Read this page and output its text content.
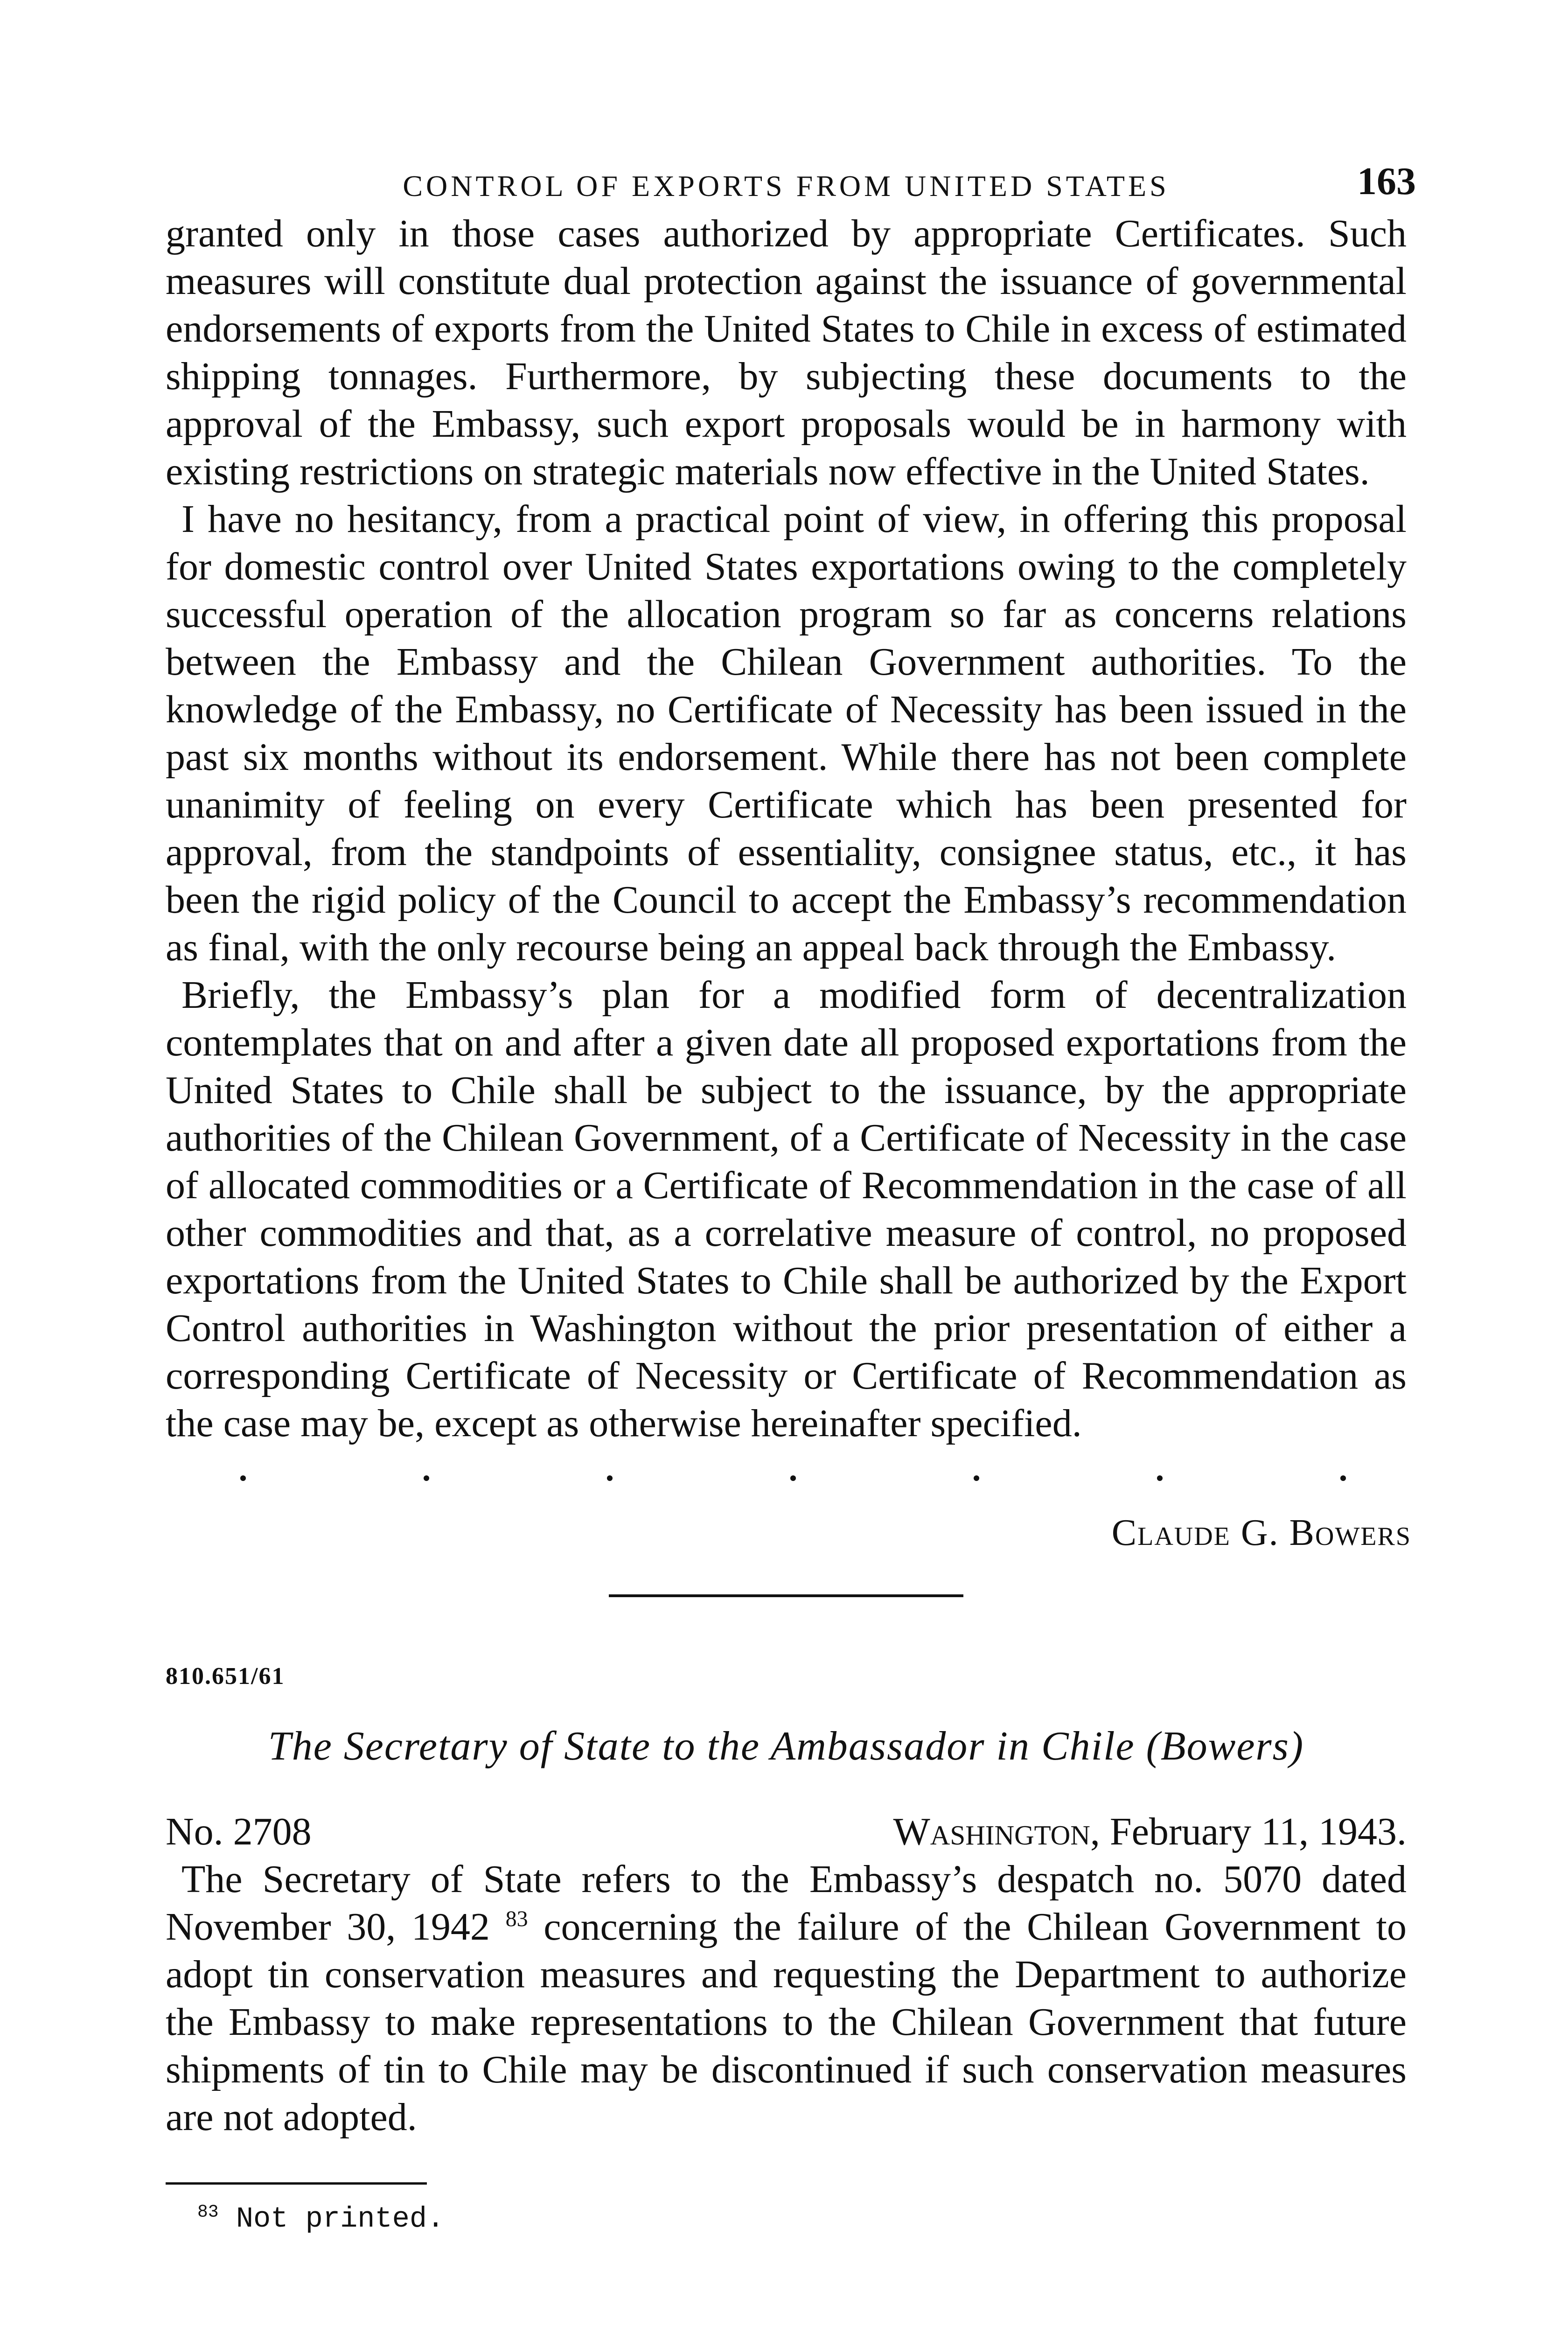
CONTROL OF EXPORTS FROM UNITED STATES	163

granted only in those cases authorized by appropriate Certificates. Such measures will constitute dual protection against the issuance of governmental endorsements of exports from the United States to Chile in excess of estimated shipping tonnages. Furthermore, by subjecting these documents to the approval of the Embassy, such export proposals would be in harmony with existing restrictions on strategic materials now effective in the United States.

I have no hesitancy, from a practical point of view, in offering this proposal for domestic control over United States exportations owing to the completely successful operation of the allocation program so far as concerns relations between the Embassy and the Chilean Government authorities. To the knowledge of the Embassy, no Certificate of Necessity has been issued in the past six months without its endorsement. While there has not been complete unanimity of feeling on every Certificate which has been presented for approval, from the standpoints of essentiality, consignee status, etc., it has been the rigid policy of the Council to accept the Embassy’s recommendation as final, with the only recourse being an appeal back through the Embassy.

Briefly, the Embassy’s plan for a modified form of decentralization contemplates that on and after a given date all proposed exportations from the United States to Chile shall be subject to the issuance, by the appropriate authorities of the Chilean Government, of a Certificate of Necessity in the case of allocated commodities or a Certificate of Recommendation in the case of all other commodities and that, as a correlative measure of control, no proposed exportations from the United States to Chile shall be authorized by the Export Control authorities in Washington without the prior presentation of either a corresponding Certificate of Necessity or Certificate of Recommendation as the case may be, except as otherwise hereinafter specified.

Claude G. Bowers
810.651/61
The Secretary of State to the Ambassador in Chile (Bowers)
No. 2708	Washington, February 11, 1943.

The Secretary of State refers to the Embassy’s despatch no. 5070 dated November 30, 1942 $^{83}$ concerning the failure of the Chilean Government to adopt tin conservation measures and requesting the Department to authorize the Embassy to make representations to the Chilean Government that future shipments of tin to Chile may be discontinued if such conservation measures are not adopted.

$^{83}$ Not printed.
